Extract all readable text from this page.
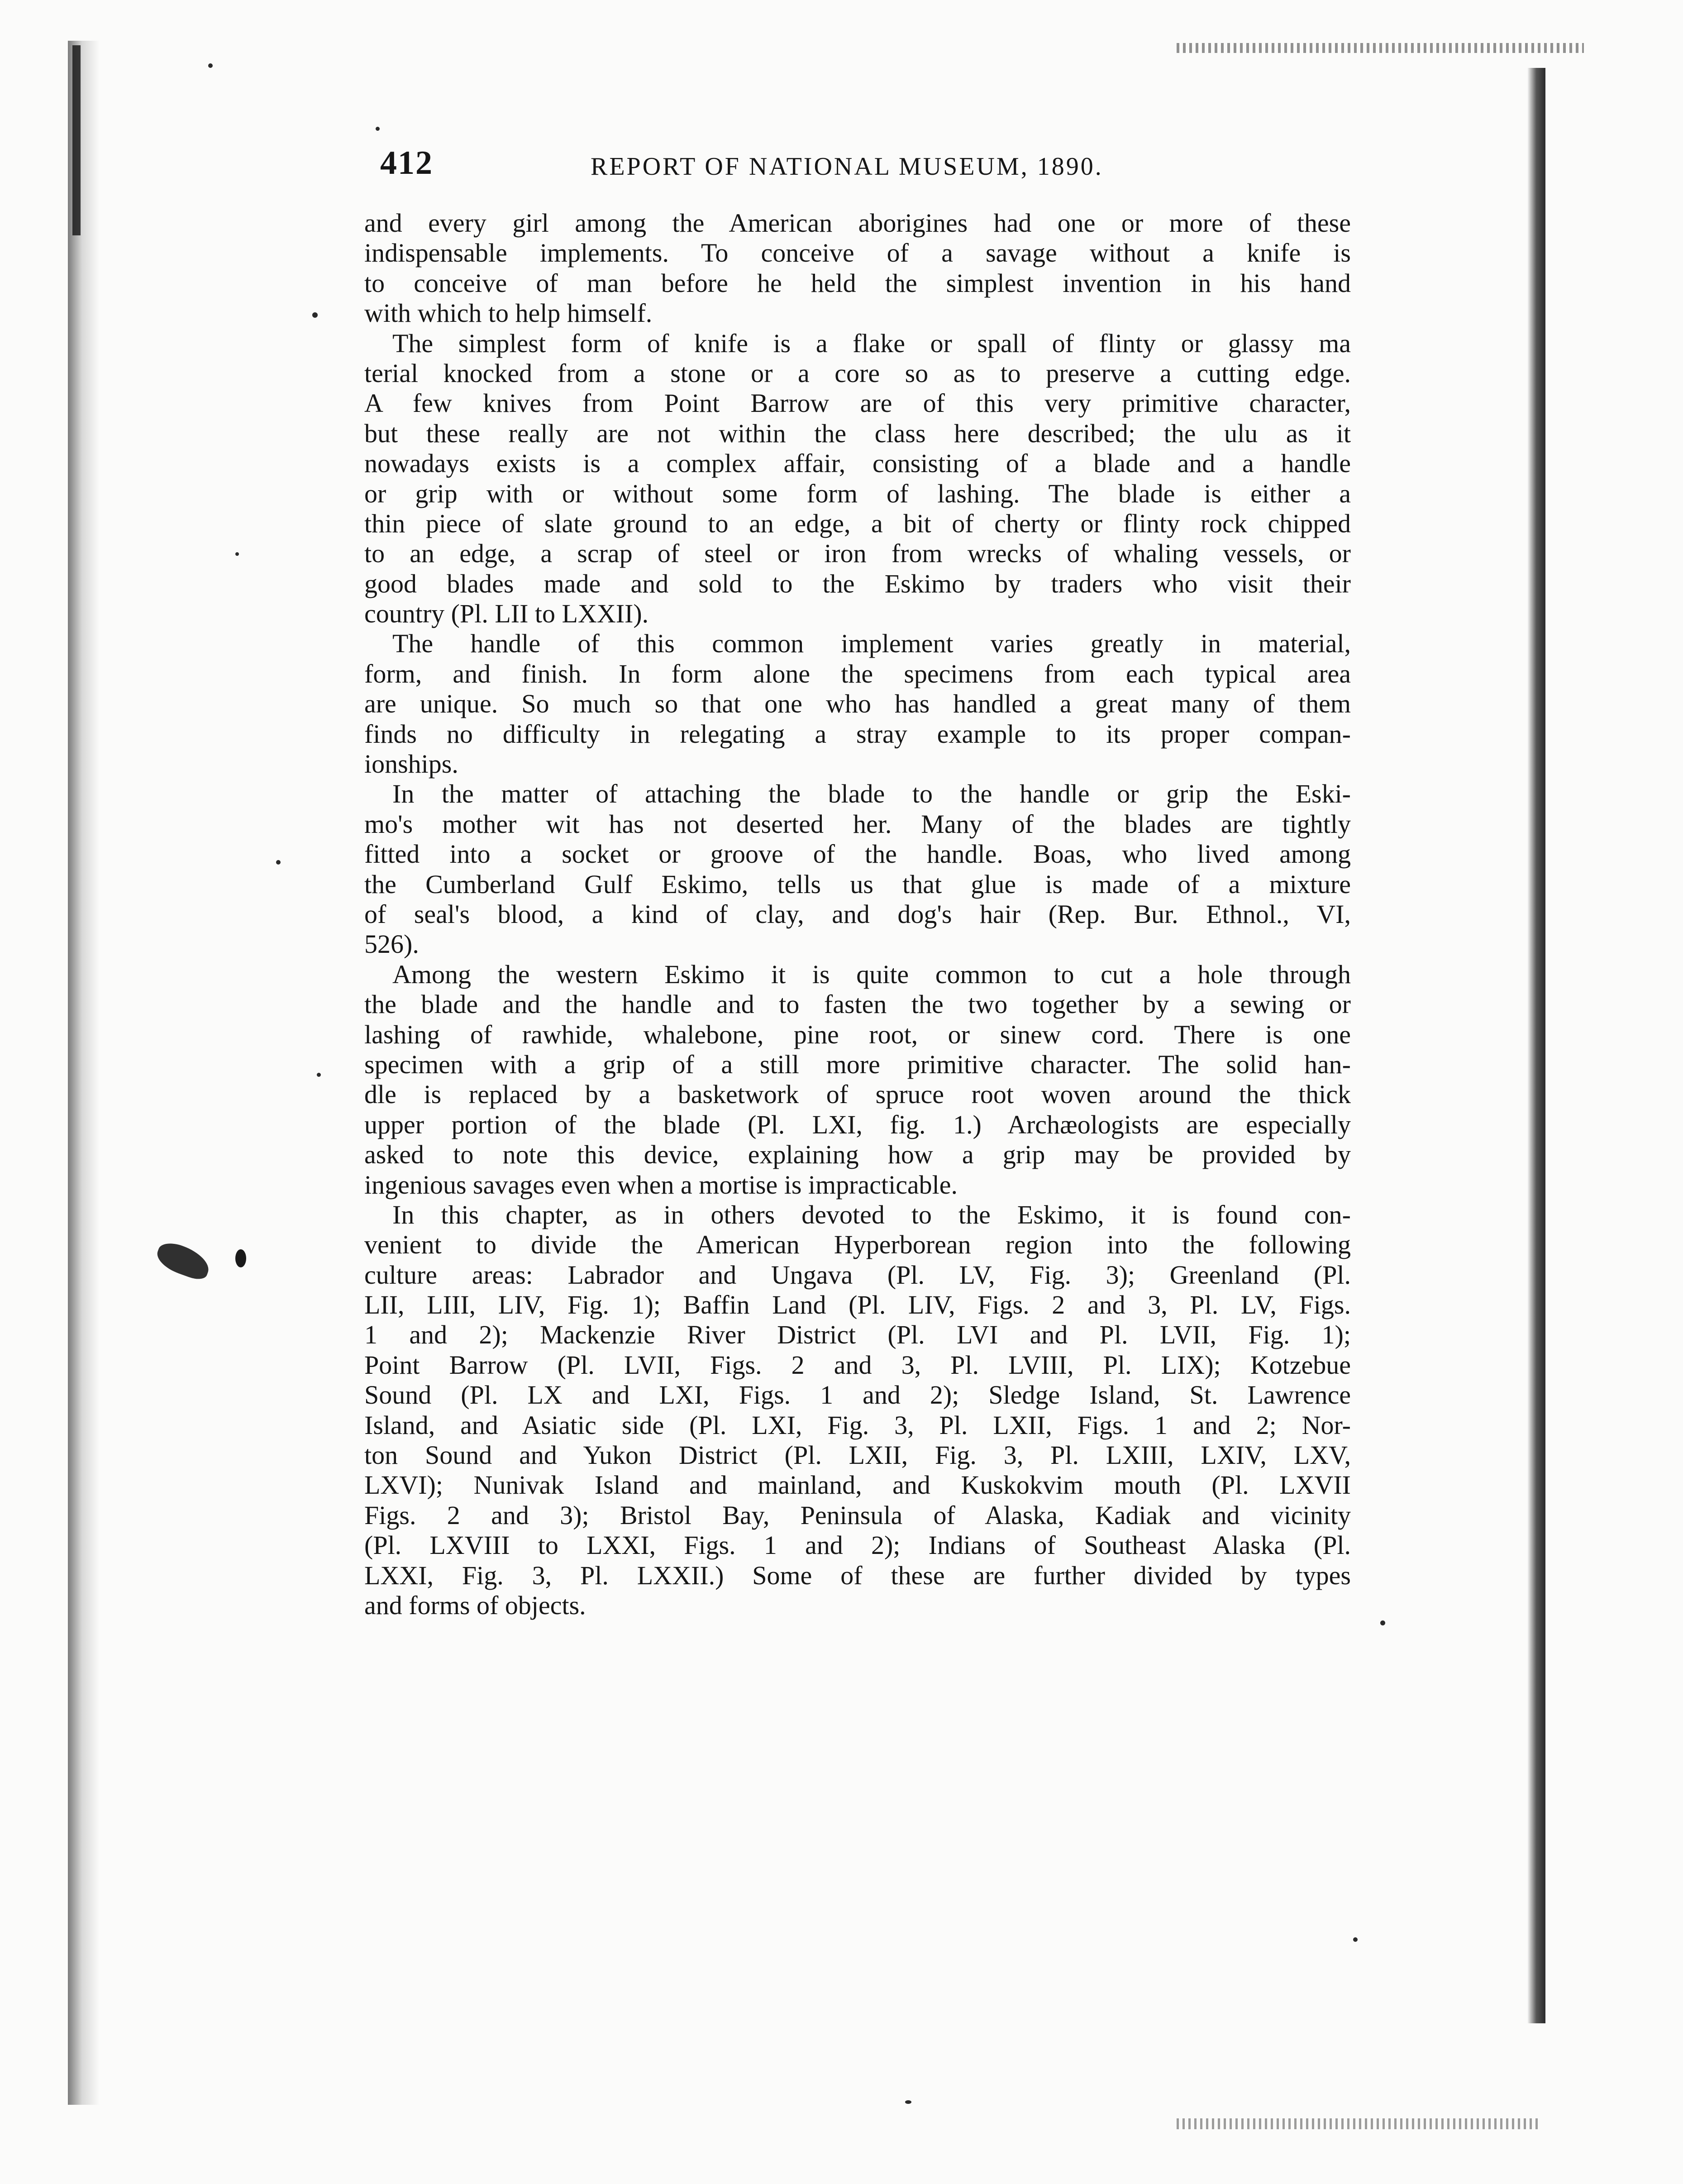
412	REPORT OF NATIONAL MUSEUM, 1890.
and every girl among the American aborigines had one or more of these
indispensable implements. To conceive of a savage without a knife is
to conceive of man before he held the simplest invention in his hand
with which to help himself.
The simplest form of knife is a flake or spall of flinty or glassy ma
terial knocked from a stone or a core so as to preserve a cutting edge.
A few knives from Point Barrow are of this very primitive character,
but these really are not within the class here described; the ulu as it
nowadays exists is a complex affair, consisting of a blade and a handle
or grip with or without some form of lashing. The blade is either a
thin piece of slate ground to an edge, a bit of cherty or flinty rock chipped
to an edge, a scrap of steel or iron from wrecks of whaling vessels, or
good blades made and sold to the Eskimo by traders who visit their
country (Pl. LII to LXXII).
The handle of this common implement varies greatly in material,
form, and finish. In form alone the specimens from each typical area
are unique. So much so that one who has handled a great many of them
finds no difficulty in relegating a stray example to its proper compan-
ionships.
In the matter of attaching the blade to the handle or grip the Eski-
mo's mother wit has not deserted her. Many of the blades are tightly
fitted into a socket or groove of the handle. Boas, who lived among
the Cumberland Gulf Eskimo, tells us that glue is made of a mixture
of seal's blood, a kind of clay, and dog's hair (Rep. Bur. Ethnol., VI,
526).
Among the western Eskimo it is quite common to cut a hole through
the blade and the handle and to fasten the two together by a sewing or
lashing of rawhide, whalebone, pine root, or sinew cord. There is one
specimen with a grip of a still more primitive character. The solid han-
dle is replaced by a basketwork of spruce root woven around the thick
upper portion of the blade (Pl. LXI, fig. 1.) Archæologists are especially
asked to note this device, explaining how a grip may be provided by
ingenious savages even when a mortise is impracticable.
In this chapter, as in others devoted to the Eskimo, it is found con-
venient to divide the American Hyperborean region into the following
culture areas: Labrador and Ungava (Pl. LV, Fig. 3); Greenland (Pl.
LII, LIII, LIV, Fig. 1); Baffin Land (Pl. LIV, Figs. 2 and 3, Pl. LV, Figs.
1 and 2); Mackenzie River District (Pl. LVI and Pl. LVII, Fig. 1);
Point Barrow (Pl. LVII, Figs. 2 and 3, Pl. LVIII, Pl. LIX); Kotzebue
Sound (Pl. LX and LXI, Figs. 1 and 2); Sledge Island, St. Lawrence
Island, and Asiatic side (Pl. LXI, Fig. 3, Pl. LXII, Figs. 1 and 2; Nor-
ton Sound and Yukon District (Pl. LXII, Fig. 3, Pl. LXIII, LXIV, LXV,
LXVI); Nunivak Island and mainland, and Kuskokvim mouth (Pl. LXVII
Figs. 2 and 3); Bristol Bay, Peninsula of Alaska, Kadiak and vicinity
(Pl. LXVIII to LXXI, Figs. 1 and 2); Indians of Southeast Alaska (Pl.
LXXI, Fig. 3, Pl. LXXII.) Some of these are further divided by types
and forms of objects.
